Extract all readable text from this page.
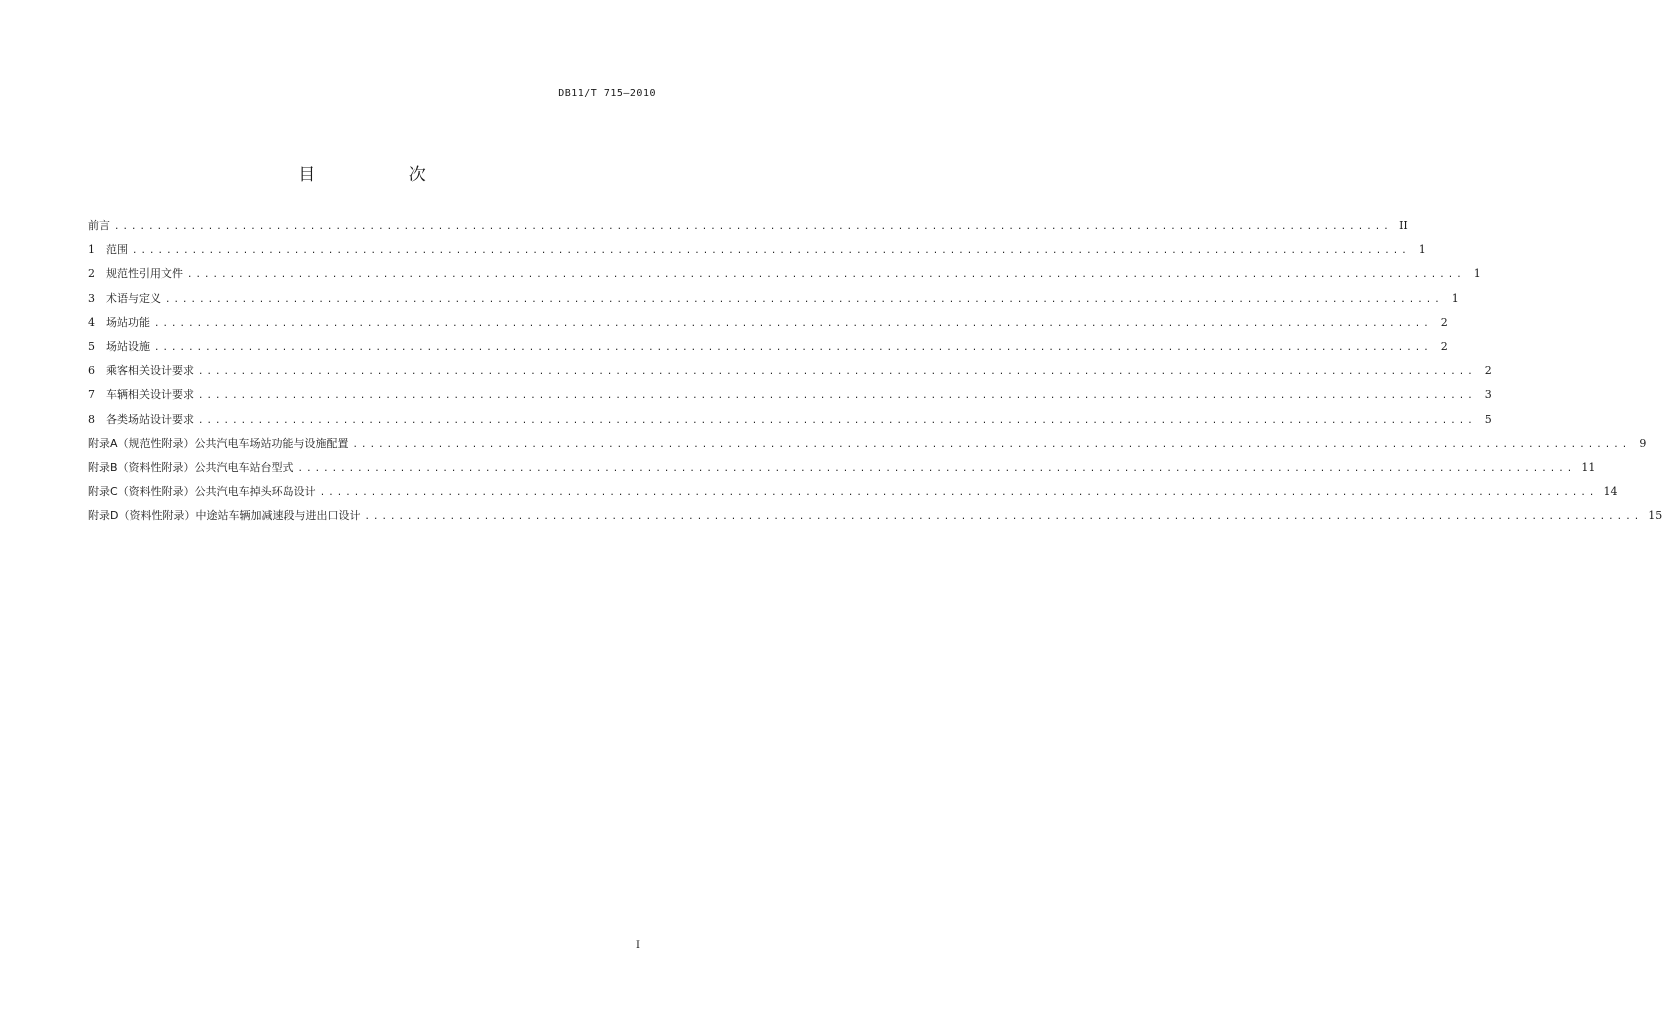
DB11/T 715—2010
目 次
前言 ...................................................................................................................................................... II
1	范围 ...................................................................................................................................................... 1
2	规范性引用文件 ...................................................................................................................................................... 1
3	术语与定义 ...................................................................................................................................................... 1
4	场站功能 ...................................................................................................................................................... 2
5	场站设施 ...................................................................................................................................................... 2
6	乘客相关设计要求 ...................................................................................................................................................... 2
7	车辆相关设计要求 ...................................................................................................................................................... 3
8	各类场站设计要求 ...................................................................................................................................................... 5
附录A（规范性附录）公共汽电车场站功能与设施配置 ...................................................................................................................................................... 9
附录B（资料性附录）公共汽电车站台型式 ...................................................................................................................................................... 11
附录C（资料性附录）公共汽电车掉头环岛设计 ...................................................................................................................................................... 14
附录D（资料性附录）中途站车辆加减速段与进出口设计 ...................................................................................................................................................... 15
I
